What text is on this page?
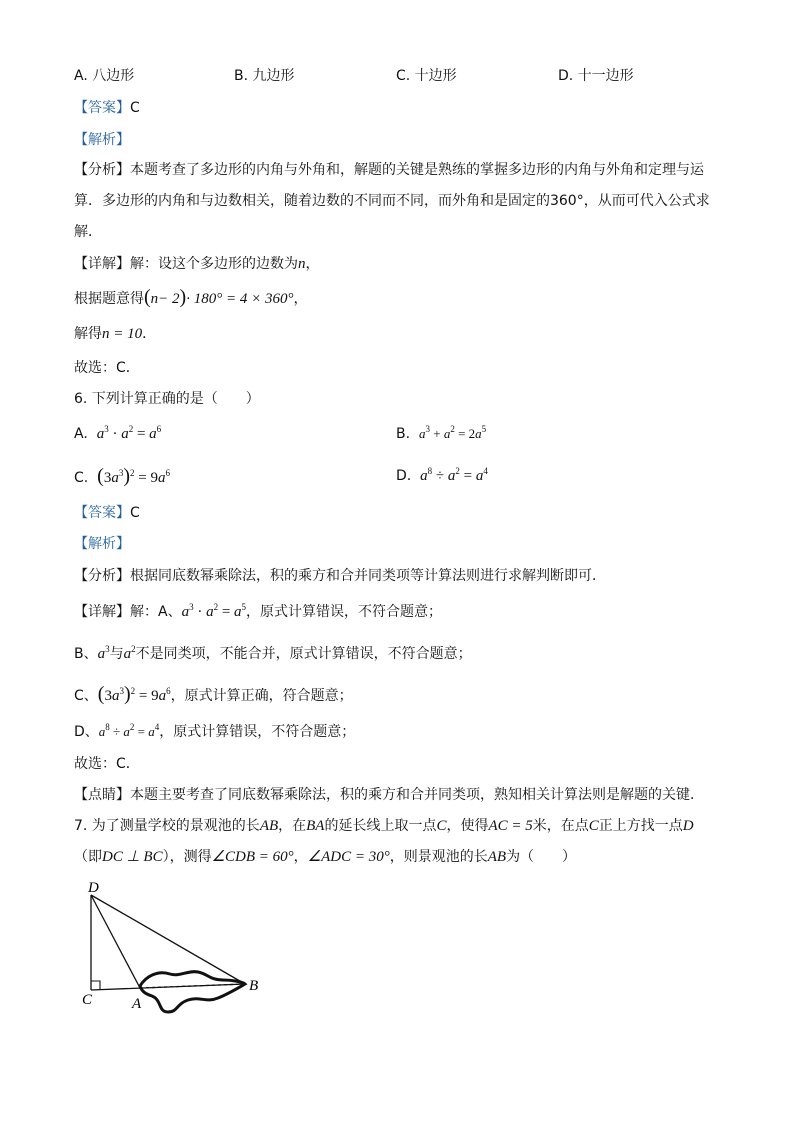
A. 八边形	B. 九边形	C. 十边形	D. 十一边形
【答案】C
【解析】
【分析】本题考查了多边形的内角与外角和，解题的关键是熟练的掌握多边形的内角与外角和定理与运
算．多边形的内角和与边数相关，随着边数的不同而不同，而外角和是固定的360°，从而可代入公式求
解．
【详解】解：设这个多边形的边数为n，
根据题意得(n− 2)· 180° = 4 × 360°，
解得n = 10．
故选：C．
6. 下列计算正确的是（　　）
A. $a^3 \cdot a^2 = a^6$	B. $a^3 + a^2 = 2a^5$
C. $(3a^3)^2 = 9a^6$	D. $a^8 \div a^2 = a^4$
【答案】C
【解析】
【分析】根据同底数幂乘除法，积的乘方和合并同类项等计算法则进行求解判断即可．
【详解】解：A、$a^3 \cdot a^2 = a^5$，原式计算错误，不符合题意；
B、$a^3$与$a^2$不是同类项，不能合并，原式计算错误，不符合题意；
C、$(3a^3)^2 = 9a^6$，原式计算正确，符合题意；
D、$a^8 \div a^2 = a^4$，原式计算错误，不符合题意；
故选：C．
【点睛】本题主要考查了同底数幂乘除法，积的乘方和合并同类项，熟知相关计算法则是解题的关键．
7. 为了测量学校的景观池的长AB，在BA的延长线上取一点C，使得AC = 5米，在点C正上方找一点D
（即DC ⊥ BC），测得∠CDB = 60°，∠ADC = 30°，则景观池的长AB为（　　）
D
C	A
B
